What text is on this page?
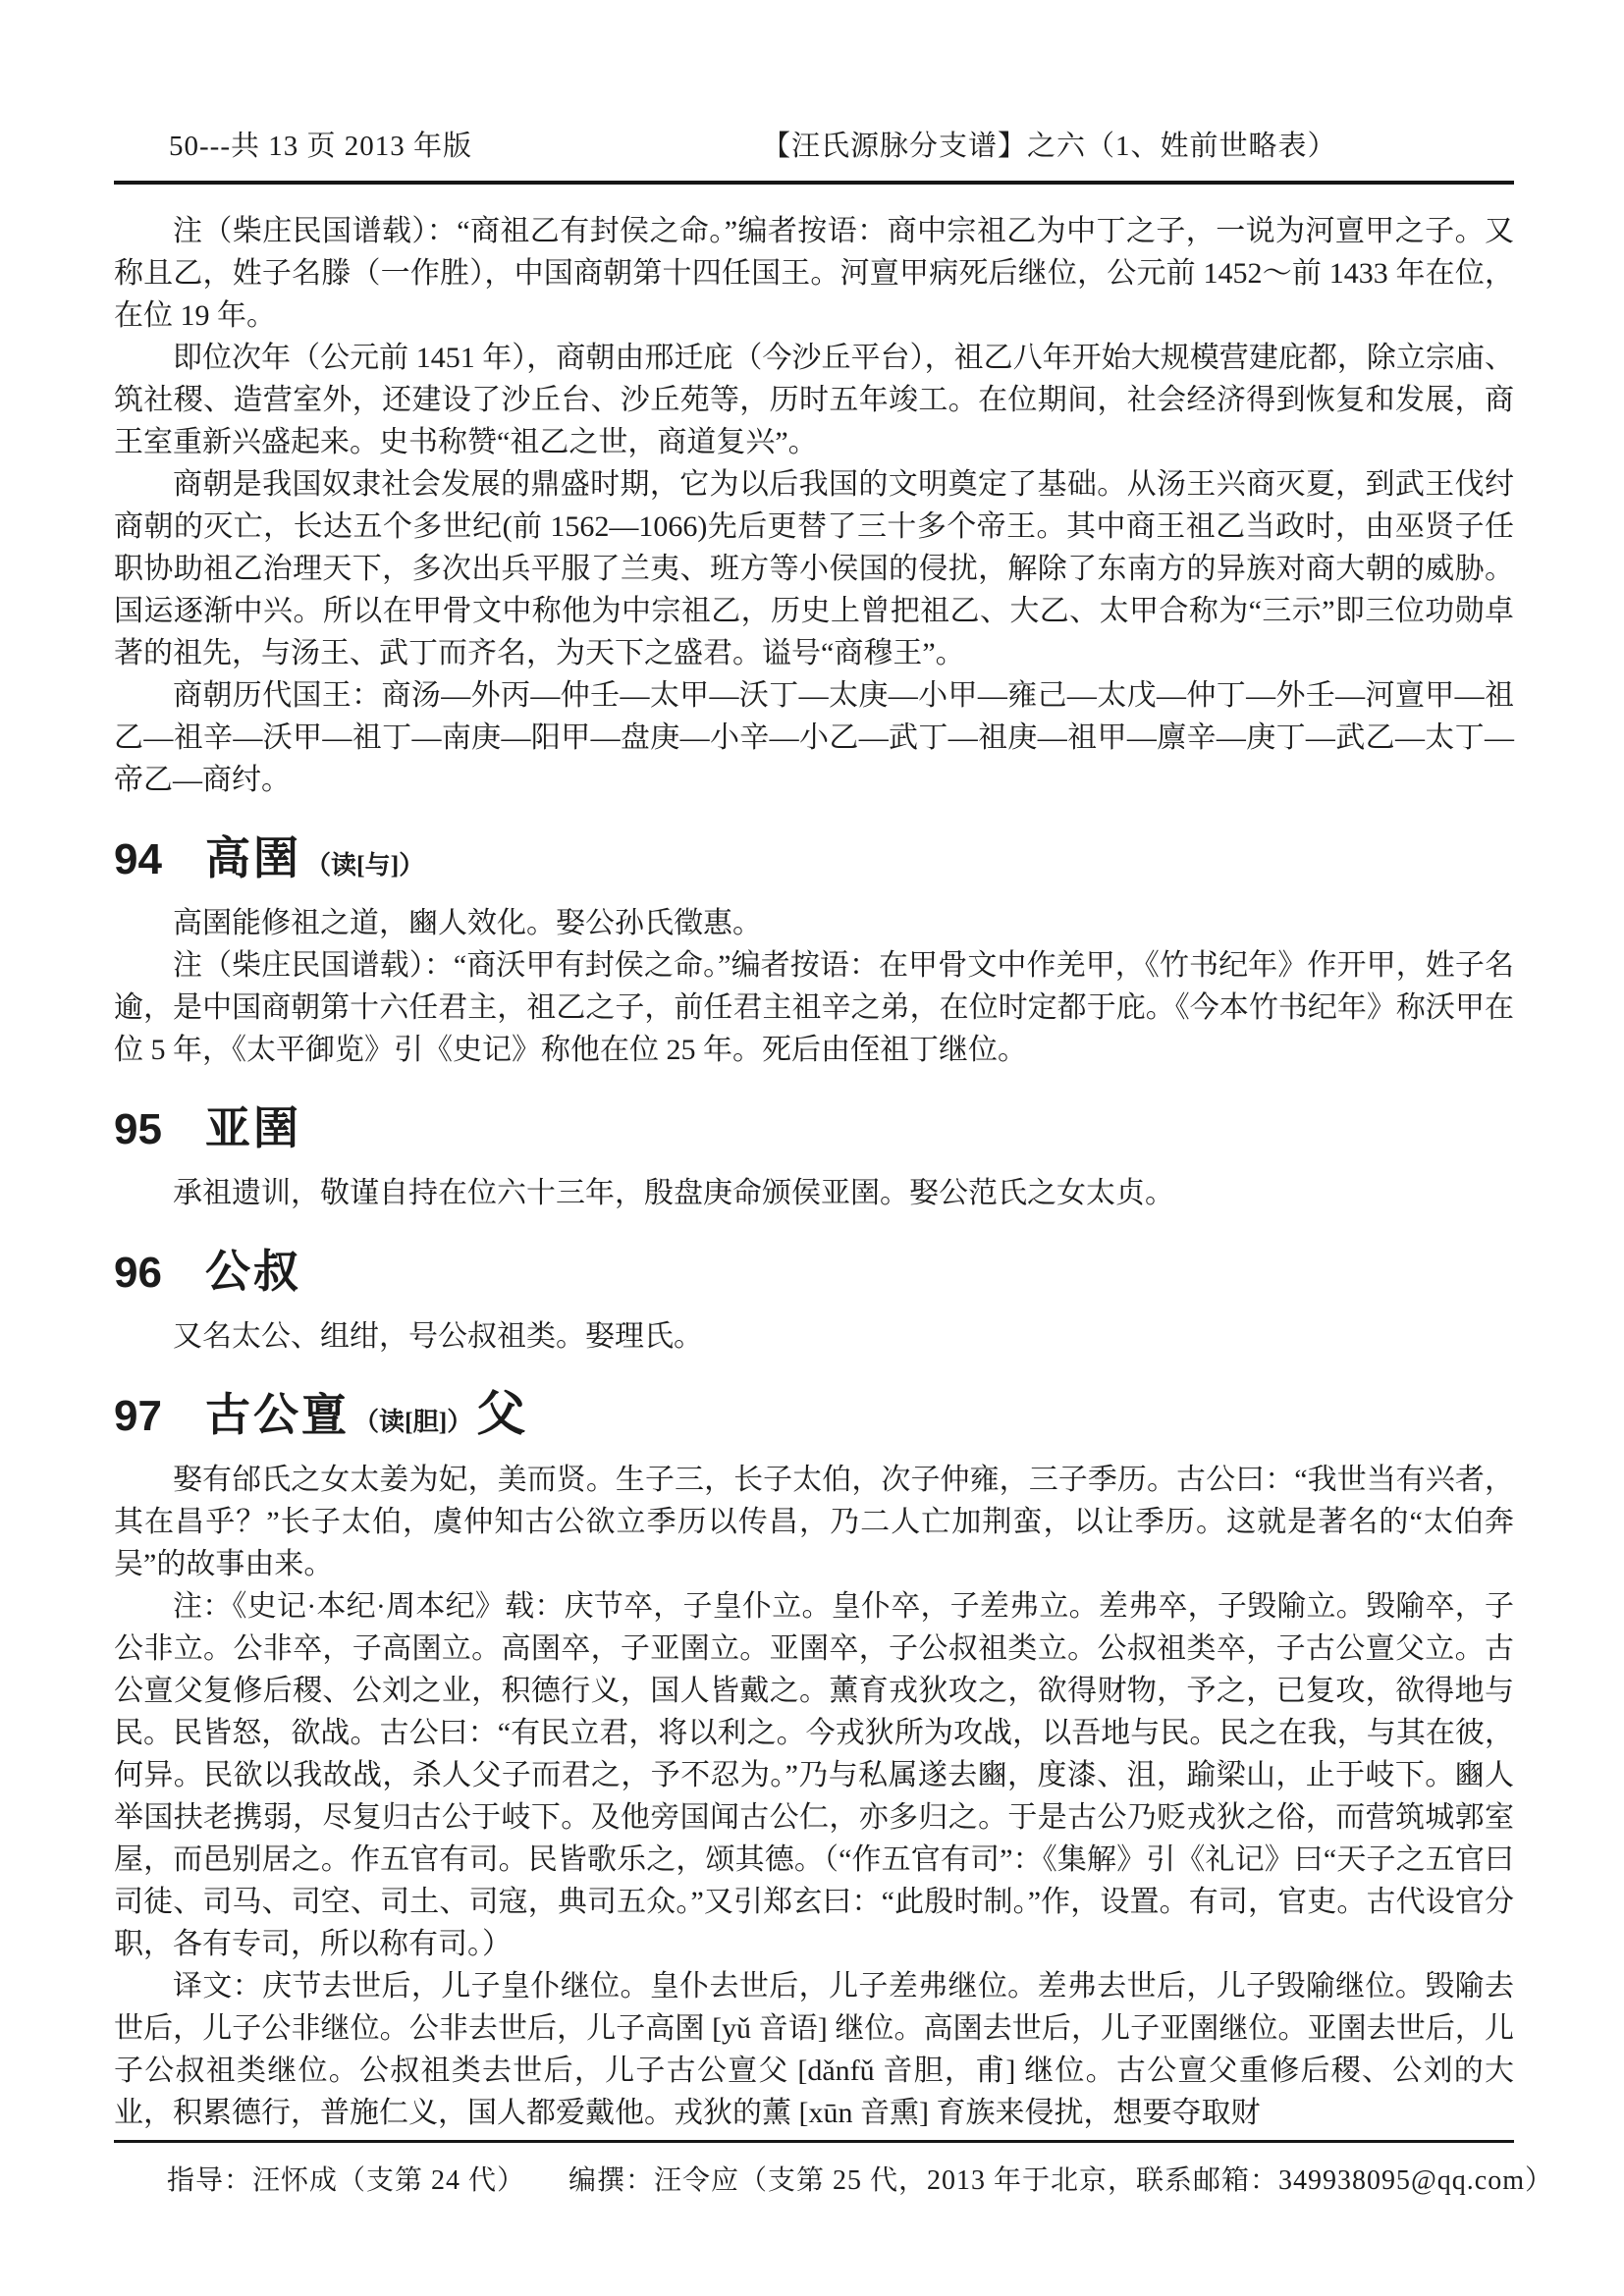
50---共 13 页 2013 年版	【汪氏源脉分支谱】之六（1、姓前世略表）

注（柴庄民国谱载）：“商祖乙有封侯之命。”编者按语：商中宗祖乙为中丁之子，一说为河亶甲之子。又称且乙，姓子名滕（一作胜），中国商朝第十四任国王。河亶甲病死后继位，公元前 1452～前 1433 年在位，在位 19 年。

即位次年（公元前 1451 年），商朝由邢迁庇（今沙丘平台），祖乙八年开始大规模营建庇都，除立宗庙、筑社稷、造营室外，还建设了沙丘台、沙丘苑等，历时五年竣工。在位期间，社会经济得到恢复和发展，商王室重新兴盛起来。史书称赞“祖乙之世，商道复兴”。

商朝是我国奴隶社会发展的鼎盛时期，它为以后我国的文明奠定了基础。从汤王兴商灭夏，到武王伐纣商朝的灭亡，长达五个多世纪(前 1562—1066)先后更替了三十多个帝王。其中商王祖乙当政时，由巫贤子任职协助祖乙治理天下，多次出兵平服了兰夷、班方等小侯国的侵扰，解除了东南方的异族对商大朝的威胁。国运逐渐中兴。所以在甲骨文中称他为中宗祖乙，历史上曾把祖乙、大乙、太甲合称为“三示”即三位功勋卓著的祖先，与汤王、武丁而齐名，为天下之盛君。谥号“商穆王”。

商朝历代国王：商汤—外丙—仲壬—太甲—沃丁—太庚—小甲—雍己—太戊—仲丁—外壬—河亶甲—祖乙—祖辛—沃甲—祖丁—南庚—阳甲—盘庚—小辛—小乙—武丁—祖庚—祖甲—廪辛—庚丁—武乙—太丁—帝乙—商纣。

94 高圉 （读[与]）

高圉能修祖之道，豳人效化。娶公孙氏徵惠。

注（柴庄民国谱载）：“商沃甲有封侯之命。”编者按语：在甲骨文中作羌甲，《竹书纪年》作开甲，姓子名逾，是中国商朝第十六任君主，祖乙之子，前任君主祖辛之弟，在位时定都于庇。《今本竹书纪年》称沃甲在位 5 年，《太平御览》引《史记》称他在位 25 年。死后由侄祖丁继位。

95 亚圉

承祖遗训，敬谨自持在位六十三年，殷盘庚命颁侯亚圉。娶公范氏之女太贞。

96 公叔

又名太公、组绀，号公叔祖类。娶理氏。

97 古公亶 （读[胆]）父

娶有邰氏之女太姜为妃，美而贤。生子三，长子太伯，次子仲雍，三子季历。古公曰：“我世当有兴者，其在昌乎？”长子太伯，虞仲知古公欲立季历以传昌，乃二人亡加荆蛮，以让季历。这就是著名的“太伯奔吴”的故事由来。

注：《史记·本纪·周本纪》载：庆节卒，子皇仆立。皇仆卒，子差弗立。差弗卒，子毁隃立。毁隃卒，子公非立。公非卒，子高圉立。高圉卒，子亚圉立。亚圉卒，子公叔祖类立。公叔祖类卒，子古公亶父立。古公亶父复修后稷、公刘之业，积德行义，国人皆戴之。薰育戎狄攻之，欲得财物，予之，已复攻，欲得地与民。民皆怒，欲战。古公曰：“有民立君，将以利之。今戎狄所为攻战，以吾地与民。民之在我，与其在彼，何异。民欲以我故战，杀人父子而君之，予不忍为。”乃与私属遂去豳，度漆、沮，踰梁山，止于岐下。豳人举国扶老携弱，尽复归古公于岐下。及他旁国闻古公仁，亦多归之。于是古公乃贬戎狄之俗，而营筑城郭室屋，而邑别居之。作五官有司。民皆歌乐之，颂其德。（“作五官有司”：《集解》引《礼记》曰“天子之五官曰司徒、司马、司空、司土、司寇，典司五众。”又引郑玄曰：“此殷时制。”作，设置。有司，官吏。古代设官分职，各有专司，所以称有司。）

译文：庆节去世后，儿子皇仆继位。皇仆去世后，儿子差弗继位。差弗去世后，儿子毁隃继位。毁隃去世后，儿子公非继位。公非去世后，儿子高圉 [yǔ 音语] 继位。高圉去世后，儿子亚圉继位。亚圉去世后，儿子公叔祖类继位。公叔祖类去世后，儿子古公亶父 [dǎnfǔ 音胆，甫] 继位。古公亶父重修后稷、公刘的大业，积累德行，普施仁义，国人都爱戴他。戎狄的薰 [xūn 音熏] 育族来侵扰，想要夺取财

指导：汪怀成（支第 24 代） 编撰：汪令应（支第 25 代，2013 年于北京，联系邮箱：349938095@qq.com）
